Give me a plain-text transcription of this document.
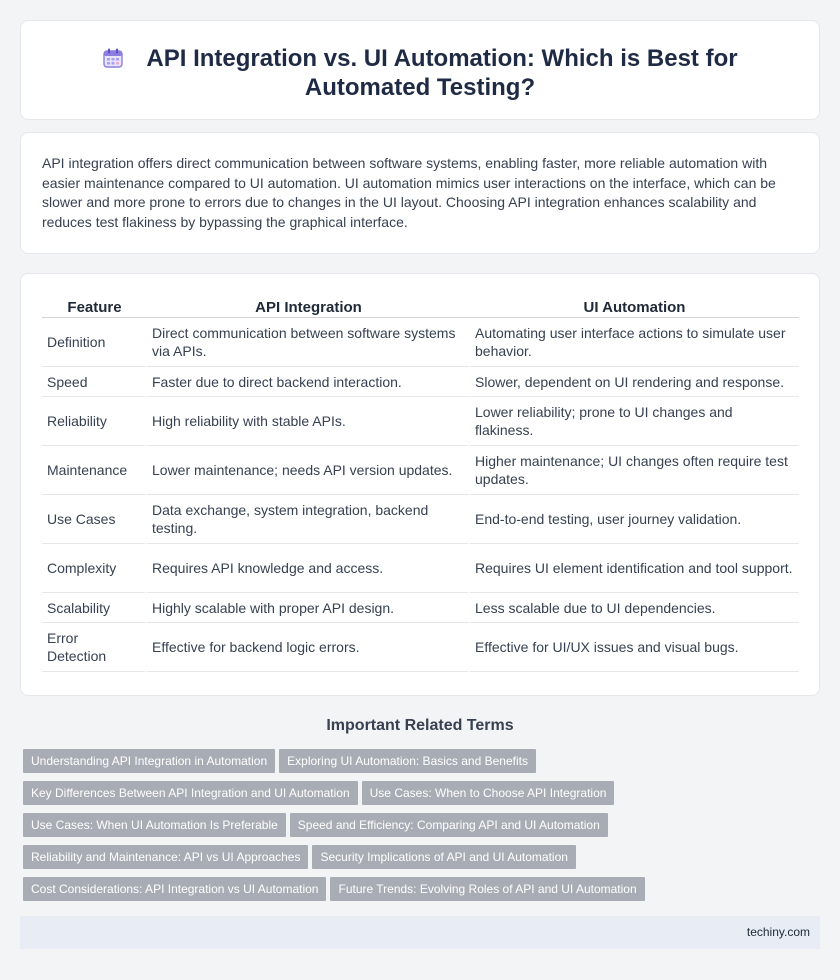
API Integration vs. UI Automation: Which is Best for Automated Testing?

API integration offers direct communication between software systems, enabling faster, more reliable automation with easier maintenance compared to UI automation. UI automation mimics user interactions on the interface, which can be slower and more prone to errors due to changes in the UI layout. Choosing API integration enhances scalability and reduces test flakiness by bypassing the graphical interface.

Feature	API Integration	UI Automation
Definition	Direct communication between software systems via APIs.	Automating user interface actions to simulate user behavior.
Speed	Faster due to direct backend interaction.	Slower, dependent on UI rendering and response.
Reliability	High reliability with stable APIs.	Lower reliability; prone to UI changes and flakiness.
Maintenance	Lower maintenance; needs API version updates.	Higher maintenance; UI changes often require test updates.
Use Cases	Data exchange, system integration, backend testing.	End-to-end testing, user journey validation.
Complexity	Requires API knowledge and access.	Requires UI element identification and tool support.
Scalability	Highly scalable with proper API design.	Less scalable due to UI dependencies.
Error Detection	Effective for backend logic errors.	Effective for UI/UX issues and visual bugs.
Important Related Terms
Understanding API Integration in Automation Exploring UI Automation: Basics and Benefits
Key Differences Between API Integration and UI Automation Use Cases: When to Choose API Integration
Use Cases: When UI Automation Is Preferable Speed and Efficiency: Comparing API and UI Automation
Reliability and Maintenance: API vs UI Approaches Security Implications of API and UI Automation
Cost Considerations: API Integration vs UI Automation Future Trends: Evolving Roles of API and UI Automation
techiny.com
